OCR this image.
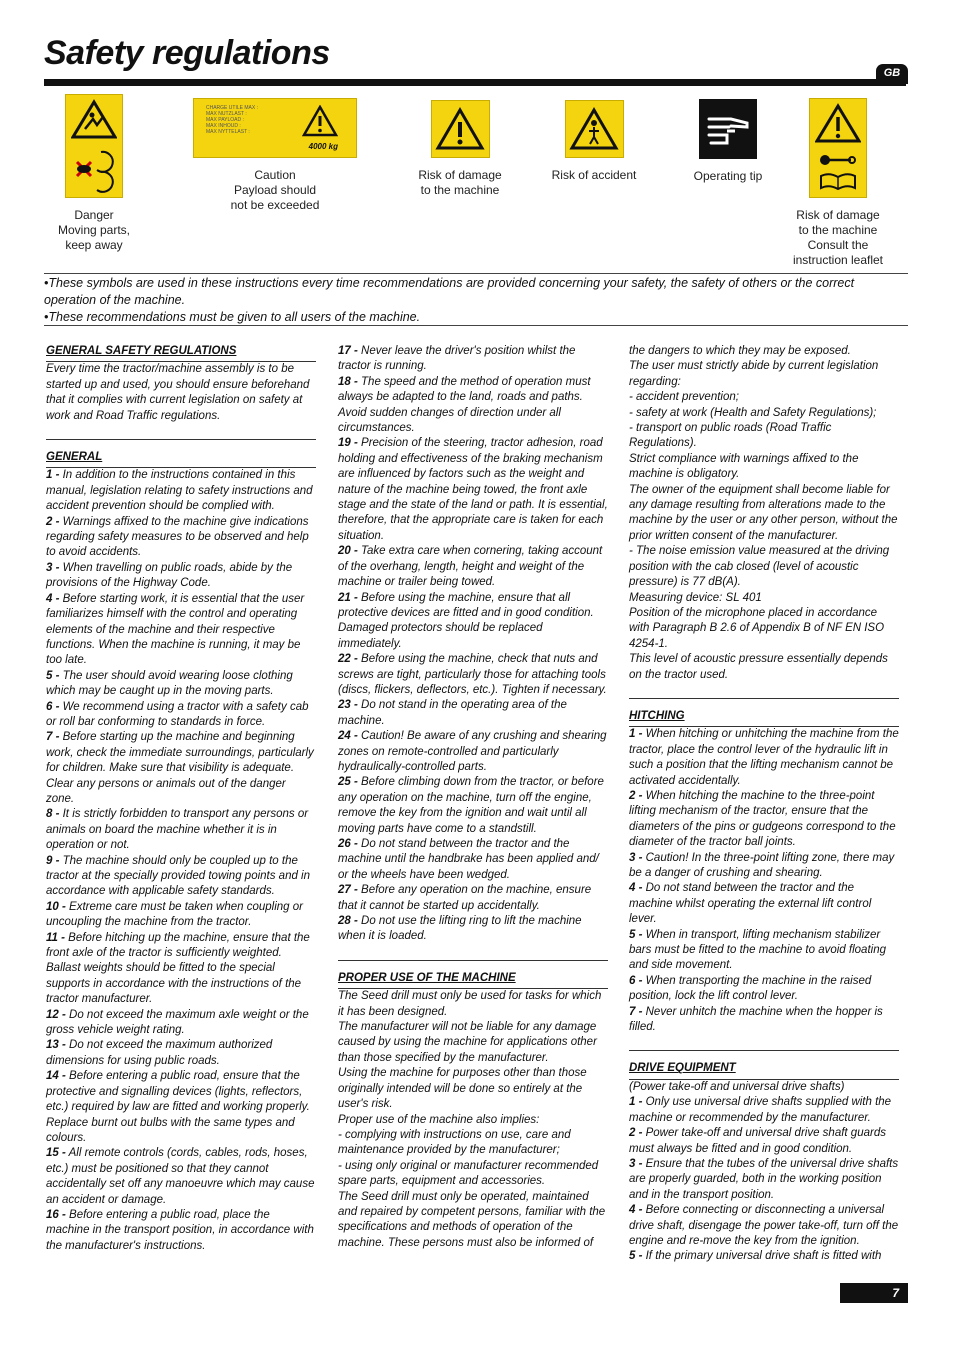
Safety regulations
GB
Danger
Moving parts,
keep away
CHARGE UTILE MAX :
MAX NUTZLAST :
MAX PAYLOAD :
MAX INHOUD :
MAX NYTTELAST :
4000 kg
Caution
Payload should
not be exceeded
Risk of damage
to the machine
Risk of accident	Operating tip
Risk of damage
to the machine
Consult the
instruction leaflet

•These symbols are used in these instructions every time recommendations are provided concerning your safety, the safety of others or the correct operation of the machine.

•These recommendations must be given to all users of the machine.

GENERAL SAFETY REGULATIONS

Every time the tractor/machine assembly is to be started up and used, you should ensure beforehand that it complies with current legislation on safety at work and Road Traffic regulations.

GENERAL

1 - In addition to the instructions contained in this manual, legislation relating to safety instructions and accident prevention should be complied with.

2 - Warnings affixed to the machine give indications regarding safety measures to be observed and help to avoid accidents.

3 - When travelling on public roads, abide by the provisions of the Highway Code.

4 - Before starting work, it is essential that the user familiarizes himself with the control and operating elements of the machine and their respective functions. When the machine is running, it may be too late.

5 - The user should avoid wearing loose clothing which may be caught up in the moving parts.

6 - We recommend using a tractor with a safety cab or roll bar conforming to standards in force.

7 - Before starting up the machine and beginning work, check the immediate surroundings, particularly for children. Make sure that visibility is adequate. Clear any persons or animals out of the danger zone.

8 - It is strictly forbidden to transport any persons or animals on board the machine whether it is in operation or not.

9 - The machine should only be coupled up to the tractor at the specially provided towing points and in accordance with applicable safety standards.

10 - Extreme care must be taken when coupling or uncoupling the machine from the tractor.

11 - Before hitching up the machine, ensure that the front axle of the tractor is sufficiently weighted. Ballast weights should be fitted to the special supports in accordance with the instructions of the tractor manufacturer.

12 - Do not exceed the maximum axle weight or the gross vehicle weight rating.

13 - Do not exceed the maximum authorized dimensions for using public roads.

14 - Before entering a public road, ensure that the protective and signalling devices (lights, reflectors, etc.) required by law are fitted and working properly. Replace burnt out bulbs with the same types and colours.

15 - All remote controls (cords, cables, rods, hoses, etc.) must be positioned so that they cannot accidentally set off any manoeuvre which may cause an accident or damage.

16 - Before entering a public road, place the machine in the transport position, in accordance with the manufacturer's instructions.

17 - Never leave the driver's position whilst the tractor is running.

18 - The speed and the method of operation must always be adapted to the land, roads and paths. Avoid sudden changes of direction under all circumstances.

19 - Precision of the steering, tractor adhesion, road holding and effectiveness of the braking mechanism are influenced by factors such as the weight and nature of the machine being towed, the front axle stage and the state of the land or path. It is essential, therefore, that the appropriate care is taken for each situation.

20 - Take extra care when cornering, taking account of the overhang, length, height and weight of the machine or trailer being towed.

21 - Before using the machine, ensure that all protective devices are fitted and in good condition. Damaged protectors should be replaced immediately.

22 - Before using the machine, check that nuts and screws are tight, particularly those for attaching tools (discs, flickers, deflectors, etc.). Tighten if necessary.

23 - Do not stand in the operating area of the machine.

24 - Caution! Be aware of any crushing and shearing zones on remote-controlled and particularly hydraulically-controlled parts.

25 - Before climbing down from the tractor, or before any operation on the machine, turn off the engine, remove the key from the ignition and wait until all moving parts have come to a standstill.

26 - Do not stand between the tractor and the machine until the handbrake has been applied and/ or the wheels have been wedged.

27 - Before any operation on the machine, ensure that it cannot be started up accidentally.

28 - Do not use the lifting ring to lift the machine when it is loaded.

PROPER USE OF THE MACHINE

The Seed drill must only be used for tasks for which it has been designed.

The manufacturer will not be liable for any damage caused by using the machine for applications other than those specified by the manufacturer.

Using the machine for purposes other than those originally intended will be done so entirely at the user's risk.

Proper use of the machine also implies:

- complying with instructions on use, care and maintenance provided by the manufacturer;

- using only original or manufacturer recommended spare parts, equipment and accessories.

The Seed drill must only be operated, maintained and repaired by competent persons, familiar with the specifications and methods of operation of the machine. These persons must also be informed of

the dangers to which they may be exposed.

The user must strictly abide by current legislation regarding:

- accident prevention;

- safety at work (Health and Safety Regulations);

- transport on public roads (Road Traffic Regulations).

Strict compliance with warnings affixed to the machine is obligatory.

The owner of the equipment shall become liable for any damage resulting from alterations made to the machine by the user or any other person, without the prior written consent of the manufacturer.

- The noise emission value measured at the driving position with the cab closed (level of acoustic pressure) is 77 dB(A).

Measuring device: SL 401

Position of the microphone placed in accordance with Paragraph B 2.6 of Appendix B of NF EN ISO 4254-1.

This level of acoustic pressure essentially depends on the tractor used.

HITCHING

1 - When hitching or unhitching the machine from the tractor, place the control lever of the hydraulic lift in such a position that the lifting mechanism cannot be activated accidentally.

2 - When hitching the machine to the three-point lifting mechanism of the tractor, ensure that the diameters of the pins or gudgeons correspond to the diameter of the tractor ball joints.

3 - Caution! In the three-point lifting zone, there may be a danger of crushing and shearing.

4 - Do not stand between the tractor and the machine whilst operating the external lift control lever.

5 - When in transport, lifting mechanism stabilizer bars must be fitted to the machine to avoid floating and side movement.

6 - When transporting the machine in the raised position, lock the lift control lever.

7 - Never unhitch the machine when the hopper is filled.

DRIVE EQUIPMENT

(Power take-off and universal drive shafts)

1 - Only use universal drive shafts supplied with the machine or recommended by the manufacturer.

2 - Power take-off and universal drive shaft guards must always be fitted and in good condition.

3 - Ensure that the tubes of the universal drive shafts are properly guarded, both in the working position and in the transport position.

4 - Before connecting or disconnecting a universal drive shaft, disengage the power take-off, turn off the engine and re-move the key from the ignition.

5 - If the primary universal drive shaft is fitted with

7
